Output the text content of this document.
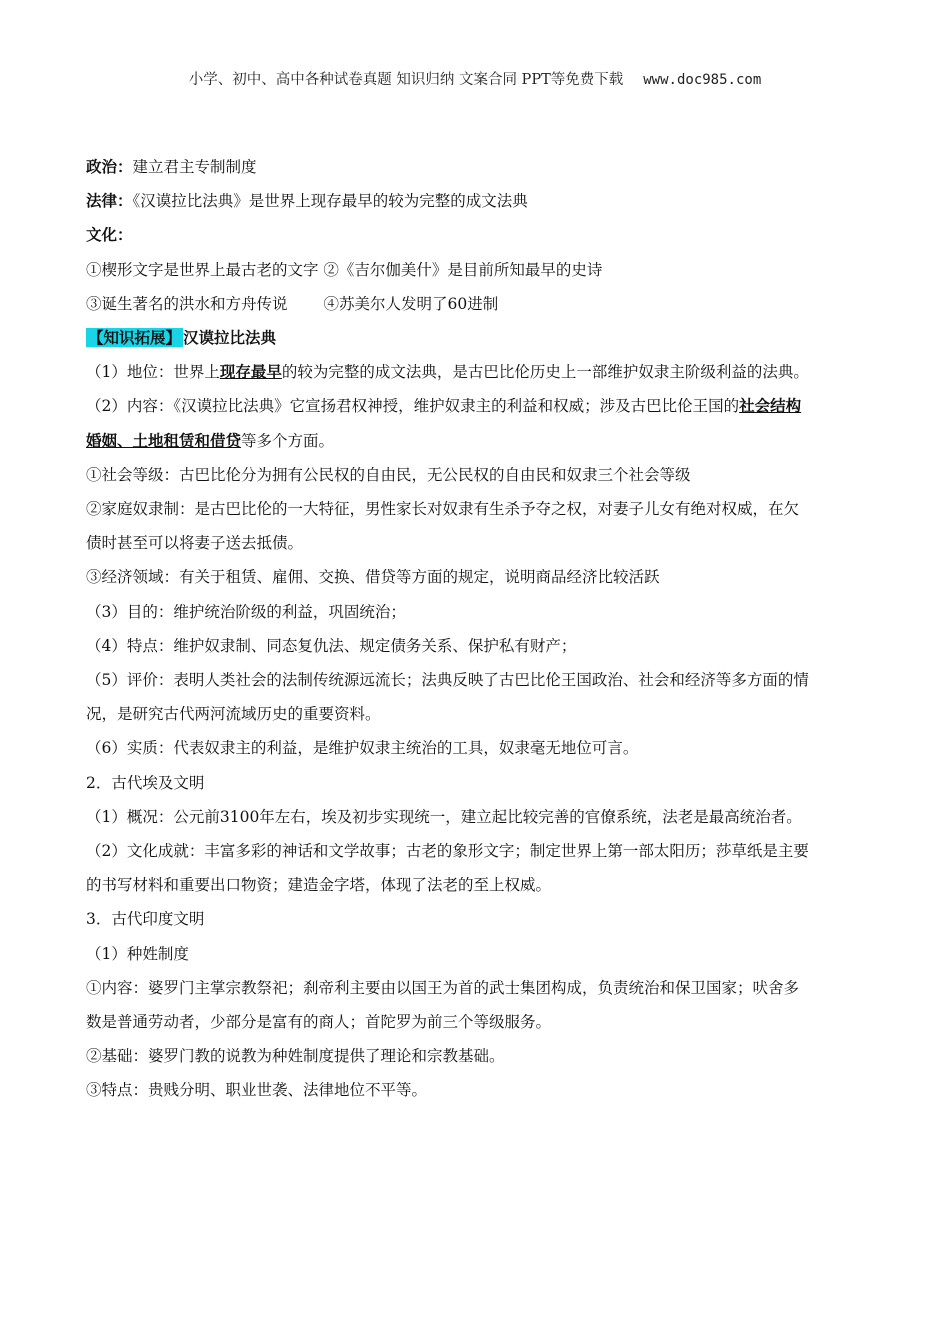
小学、初中、高中各种试卷真题 知识归纳 文案合同 PPT等免费下载 www.doc985.com
政治：建立君主专制制度
法律：《汉谟拉比法典》是世界上现存最早的较为完整的成文法典
文化：
①楔形文字是世界上最古老的文字 ②《吉尔伽美什》是目前所知最早的史诗
③诞生著名的洪水和方舟传说 ④苏美尔人发明了60进制
【知识拓展】 汉谟拉比法典
（1）地位：世界上现存最早的较为完整的成文法典，是古巴比伦历史上一部维护奴隶主阶级利益的法典。
（2）内容：《汉谟拉比法典》它宣扬君权神授，维护奴隶主的利益和权威；涉及古巴比伦王国的社会结构
婚姻、土地租赁和借贷等多个方面。
①社会等级：古巴比伦分为拥有公民权的自由民，无公民权的自由民和奴隶三个社会等级
②家庭奴隶制：是古巴比伦的一大特征，男性家长对奴隶有生杀予夺之权，对妻子儿女有绝对权威，在欠
债时甚至可以将妻子送去抵债。
③经济领域：有关于租赁、雇佣、交换、借贷等方面的规定，说明商品经济比较活跃
（3）目的：维护统治阶级的利益，巩固统治；
（4）特点：维护奴隶制、同态复仇法、规定债务关系、保护私有财产；
（5）评价：表明人类社会的法制传统源远流长；法典反映了古巴比伦王国政治、社会和经济等多方面的情
况，是研究古代两河流域历史的重要资料。
（6）实质：代表奴隶主的利益，是维护奴隶主统治的工具，奴隶毫无地位可言。
2．古代埃及文明
（1）概况：公元前3100年左右，埃及初步实现统一，建立起比较完善的官僚系统，法老是最高统治者。
（2）文化成就：丰富多彩的神话和文学故事；古老的象形文字；制定世界上第一部太阳历；莎草纸是主要
的书写材料和重要出口物资；建造金字塔，体现了法老的至上权威。
3．古代印度文明
（1）种姓制度
①内容：婆罗门主掌宗教祭祀；刹帝利主要由以国王为首的武士集团构成，负责统治和保卫国家；吠舍多
数是普通劳动者，少部分是富有的商人；首陀罗为前三个等级服务。
②基础：婆罗门教的说教为种姓制度提供了理论和宗教基础。
③特点：贵贱分明、职业世袭、法律地位不平等。
